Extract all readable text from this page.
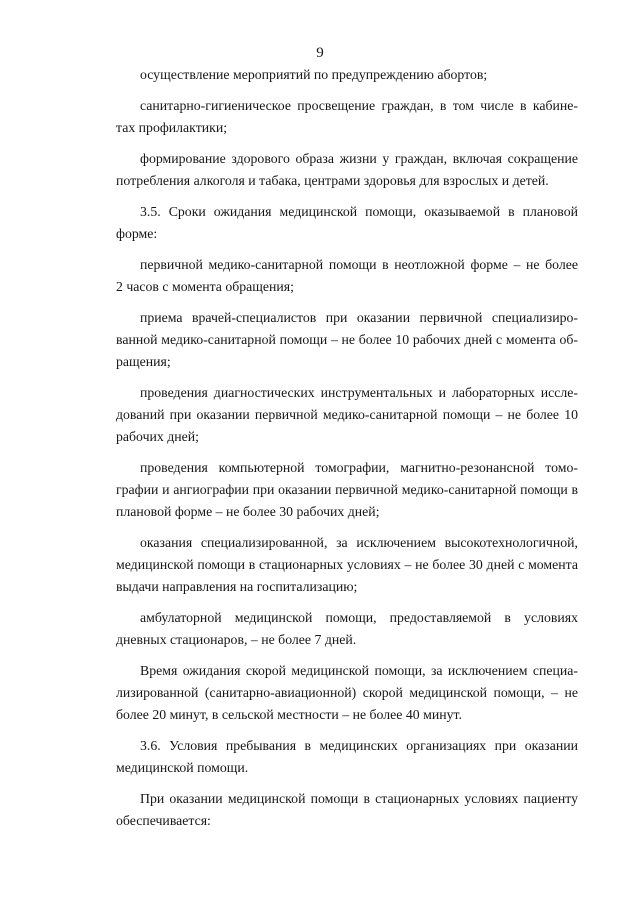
9
осуществление мероприятий по предупреждению абортов;
санитарно-гигиеническое просвещение граждан, в том числе в кабине-
тах профилактики;
формирование здорового образа жизни у граждан, включая сокращение
потребления алкоголя и табака, центрами здоровья для взрослых и детей.
3.5. Сроки ожидания медицинской помощи, оказываемой в плановой
форме:
первичной медико-санитарной помощи в неотложной форме – не более
2 часов с момента обращения;
приема врачей-специалистов при оказании первичной специализиро-
ванной медико-санитарной помощи – не более 10 рабочих дней с момента об-
ращения;
проведения диагностических инструментальных и лабораторных иссле-
дований при оказании первичной медико-санитарной помощи – не более 10
рабочих дней;
проведения компьютерной томографии, магнитно-резонансной томо-
графии и ангиографии при оказании первичной медико-санитарной помощи в
плановой форме – не более 30 рабочих дней;
оказания специализированной, за исключением высокотехнологичной,
медицинской помощи в стационарных условиях – не более 30 дней с момента
выдачи направления на госпитализацию;
амбулаторной медицинской помощи, предоставляемой в условиях
дневных стационаров, – не более 7 дней.
Время ожидания скорой медицинской помощи, за исключением специа-
лизированной (санитарно-авиационной) скорой медицинской помощи, – не
более 20 минут, в сельской местности – не более 40 минут.
3.6. Условия пребывания в медицинских организациях при оказании
медицинской помощи.
При оказании медицинской помощи в стационарных условиях пациенту
обеспечивается:
